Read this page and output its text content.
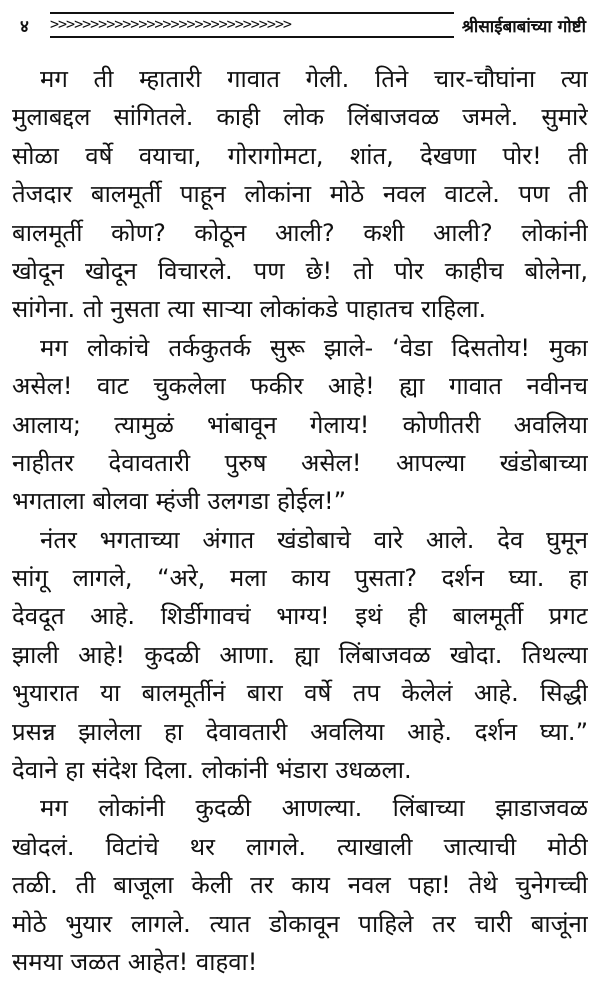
४	>>>>>>>>>>>>>>>>>>>>>>>>>>>>>>	श्रीसाईबाबांच्या गोष्टी
मग ती म्हातारी गावात गेली. तिने चार-चौघांना त्या
मुलाबद्दल सांगितले. काही लोक लिंबाजवळ जमले. सुमारे
सोळा वर्षे वयाचा, गोरागोमटा, शांत, देखणा पोर! ती
तेजदार बालमूर्ती पाहून लोकांना मोठे नवल वाटले. पण ती
बालमूर्ती कोण? कोठून आली? कशी आली? लोकांनी
खोदून खोदून विचारले. पण छे! तो पोर काहीच बोलेना,
सांगेना. तो नुसता त्या साऱ्या लोकांकडे पाहातच राहिला.
मग लोकांचे तर्ककुतर्क सुरू झाले- ‘वेडा दिसतोय! मुका
असेल! वाट चुकलेला फकीर आहे! ह्या गावात नवीनच
आलाय; त्यामुळं भांबावून गेलाय! कोणीतरी अवलिया
नाहीतर देवावतारी पुरुष असेल! आपल्या खंडोबाच्या
भगताला बोलवा म्हंजी उलगडा होईल!”
नंतर भगताच्या अंगात खंडोबाचे वारे आले. देव घुमून
सांगू लागले, “अरे, मला काय पुसता? दर्शन घ्या. हा
देवदूत आहे. शिर्डीगावचं भाग्य! इथं ही बालमूर्ती प्रगट
झाली आहे! कुदळी आणा. ह्या लिंबाजवळ खोदा. तिथल्या
भुयारात या बालमूर्तीनं बारा वर्षे तप केलेलं आहे. सिद्धी
प्रसन्न झालेला हा देवावतारी अवलिया आहे. दर्शन घ्या.”
देवाने हा संदेश दिला. लोकांनी भंडारा उधळला.
मग लोकांनी कुदळी आणल्या. लिंबाच्या झाडाजवळ
खोदलं. विटांचे थर लागले. त्याखाली जात्याची मोठी
तळी. ती बाजूला केली तर काय नवल पहा! तेथे चुनेगच्ची
मोठे भुयार लागले. त्यात डोकावून पाहिले तर चारी बाजूंना
समया जळत आहेत! वाहवा!
